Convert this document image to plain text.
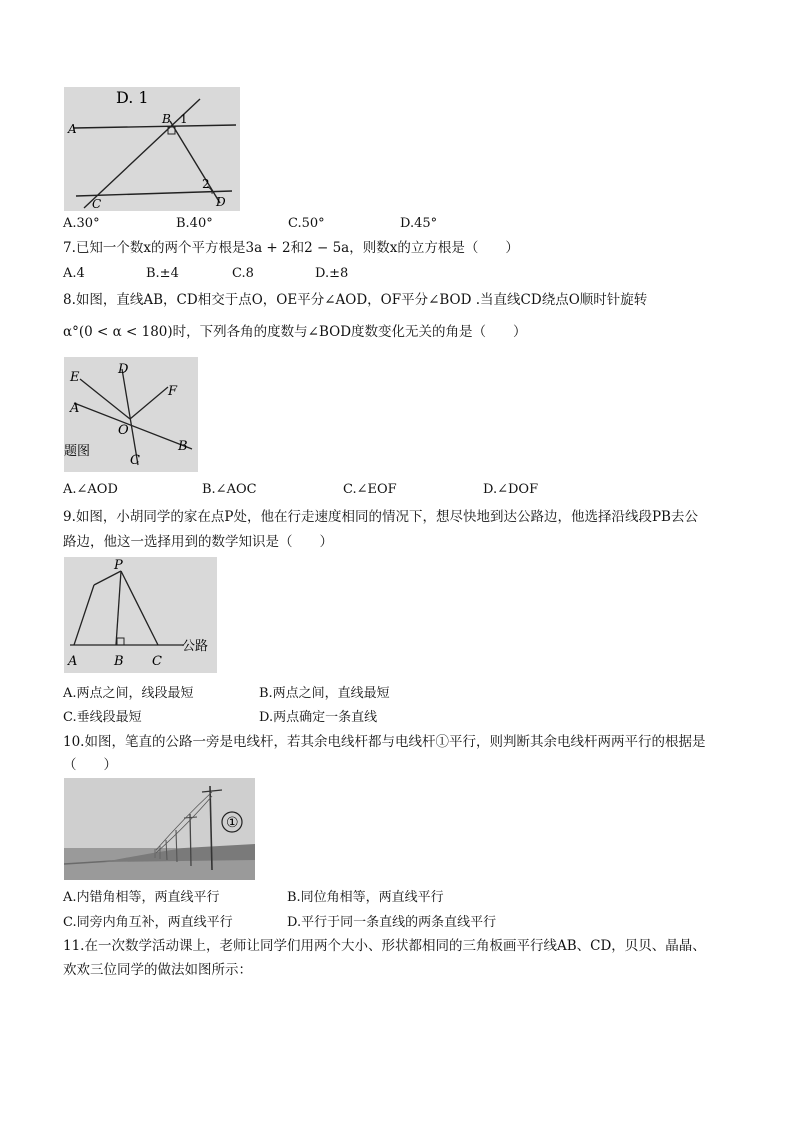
D. 1
A
B 1
2
C	D
A.30°	B.40°	C.50°	D.45°
7.已知一个数x的两个平方根是3a + 2和2 − 5a，则数x的立方根是（　　）
A.4	B.±4	C.8	D.±8
8.如图，直线AB，CD相交于点O，OE平分∠AOD，OF平分∠BOD .当直线CD绕点O顺时针旋转
α°(0 < α < 180)时，下列各角的度数与∠BOD度数变化无关的角是（　　）
E
D
A
F
O
B
C
题图
A.∠AOD	B.∠AOC	C.∠EOF	D.∠DOF
9.如图，小胡同学的家在点P处，他在行走速度相同的情况下，想尽快地到达公路边，他选择沿线段PB去公
路边，他这一选择用到的数学知识是（　　）
P
A	B C
公路
A.两点之间，线段最短	B.两点之间，直线最短
C.垂线段最短	D.两点确定一条直线
10.如图，笔直的公路一旁是电线杆，若其余电线杆都与电线杆①平行，则判断其余电线杆两两平行的根据是
（　　）
①
A.内错角相等，两直线平行	B.同位角相等，两直线平行
C.同旁内角互补，两直线平行	D.平行于同一条直线的两条直线平行
11.在一次数学活动课上，老师让同学们用两个大小、形状都相同的三角板画平行线AB、CD，贝贝、晶晶、
欢欢三位同学的做法如图所示：
